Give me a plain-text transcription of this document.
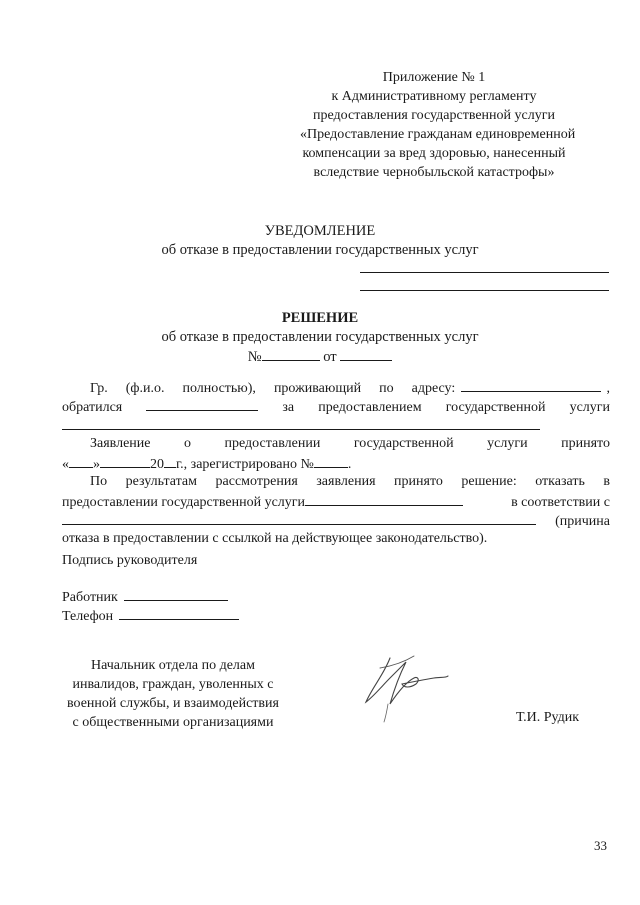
Приложение № 1
к Административному регламенту
предоставления государственной услуги
«Предоставление гражданам единовременной
компенсации за вред здоровью, нанесенный
вследствие чернобыльской катастрофы»
УВЕДОМЛЕНИЕ
об отказе в предоставлении государственных услуг
РЕШЕНИЕ
об отказе в предоставлении государственных услуг
№	от
Гр. (ф.и.о. полностью), проживающий по адресу:	,
обратился	за предоставлением государственной услуги
Заявление о предоставлении государственной услуги принято
« »	20 г., зарегистрировано № .
По результатам рассмотрения заявления принято решение: отказать в
предоставлении государственной услуги	в соответствии с
(причина
отказа в предоставлении с ссылкой на действующее законодательство).
Подпись руководителя
Работник
Телефон
Начальник отдела по делам
инвалидов, граждан, уволенных с
военной службы, и взаимодействия
с общественными организациями	Т.И. Рудик
33
